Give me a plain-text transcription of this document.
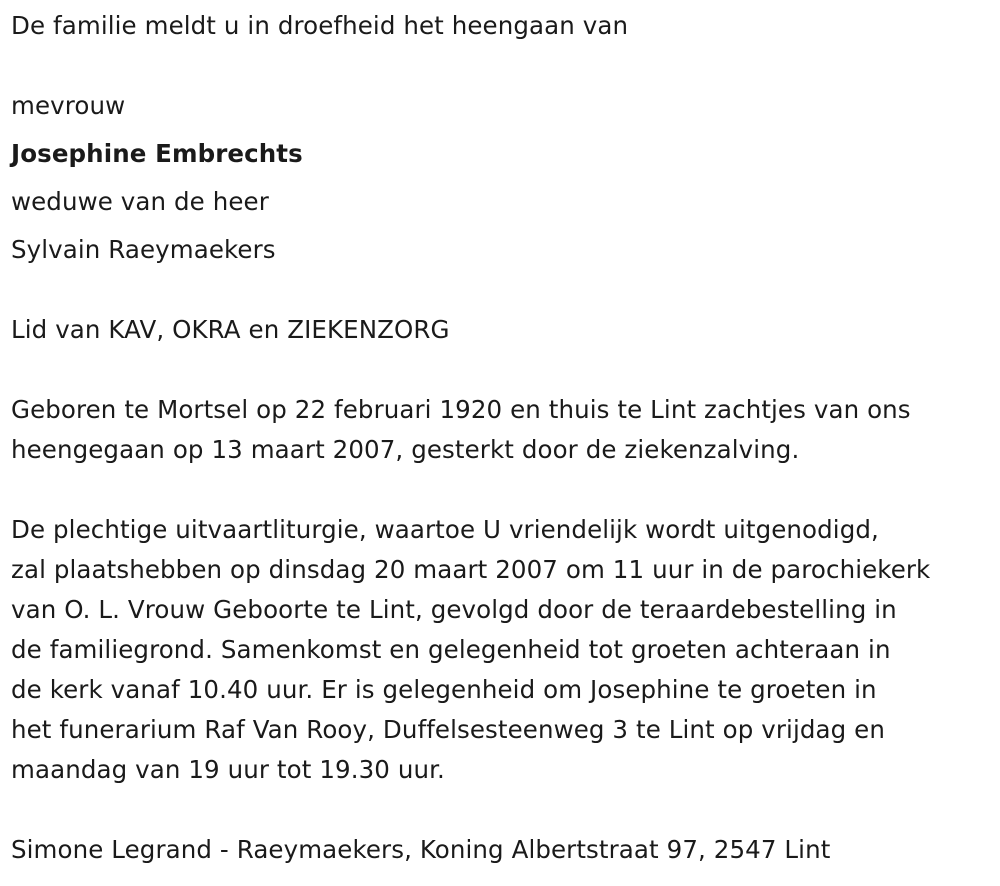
De familie meldt u in droefheid het heengaan van
mevrouw
Josephine Embrechts
weduwe van de heer
Sylvain Raeymaekers
Lid van KAV, OKRA en ZIEKENZORG
Geboren te Mortsel op 22 februari 1920 en thuis te Lint zachtjes van ons
heengegaan op 13 maart 2007, gesterkt door de ziekenzalving.
De plechtige uitvaartliturgie, waartoe U vriendelijk wordt uitgenodigd,
zal plaatshebben op dinsdag 20 maart 2007 om 11 uur in de parochiekerk
van O. L. Vrouw Geboorte te Lint, gevolgd door de teraardebestelling in
de familiegrond. Samenkomst en gelegenheid tot groeten achteraan in
de kerk vanaf 10.40 uur. Er is gelegenheid om Josephine te groeten in
het funerarium Raf Van Rooy, Duffelsesteenweg 3 te Lint op vrijdag en
maandag van 19 uur tot 19.30 uur.
Simone Legrand - Raeymaekers, Koning Albertstraat 97, 2547 Lint
